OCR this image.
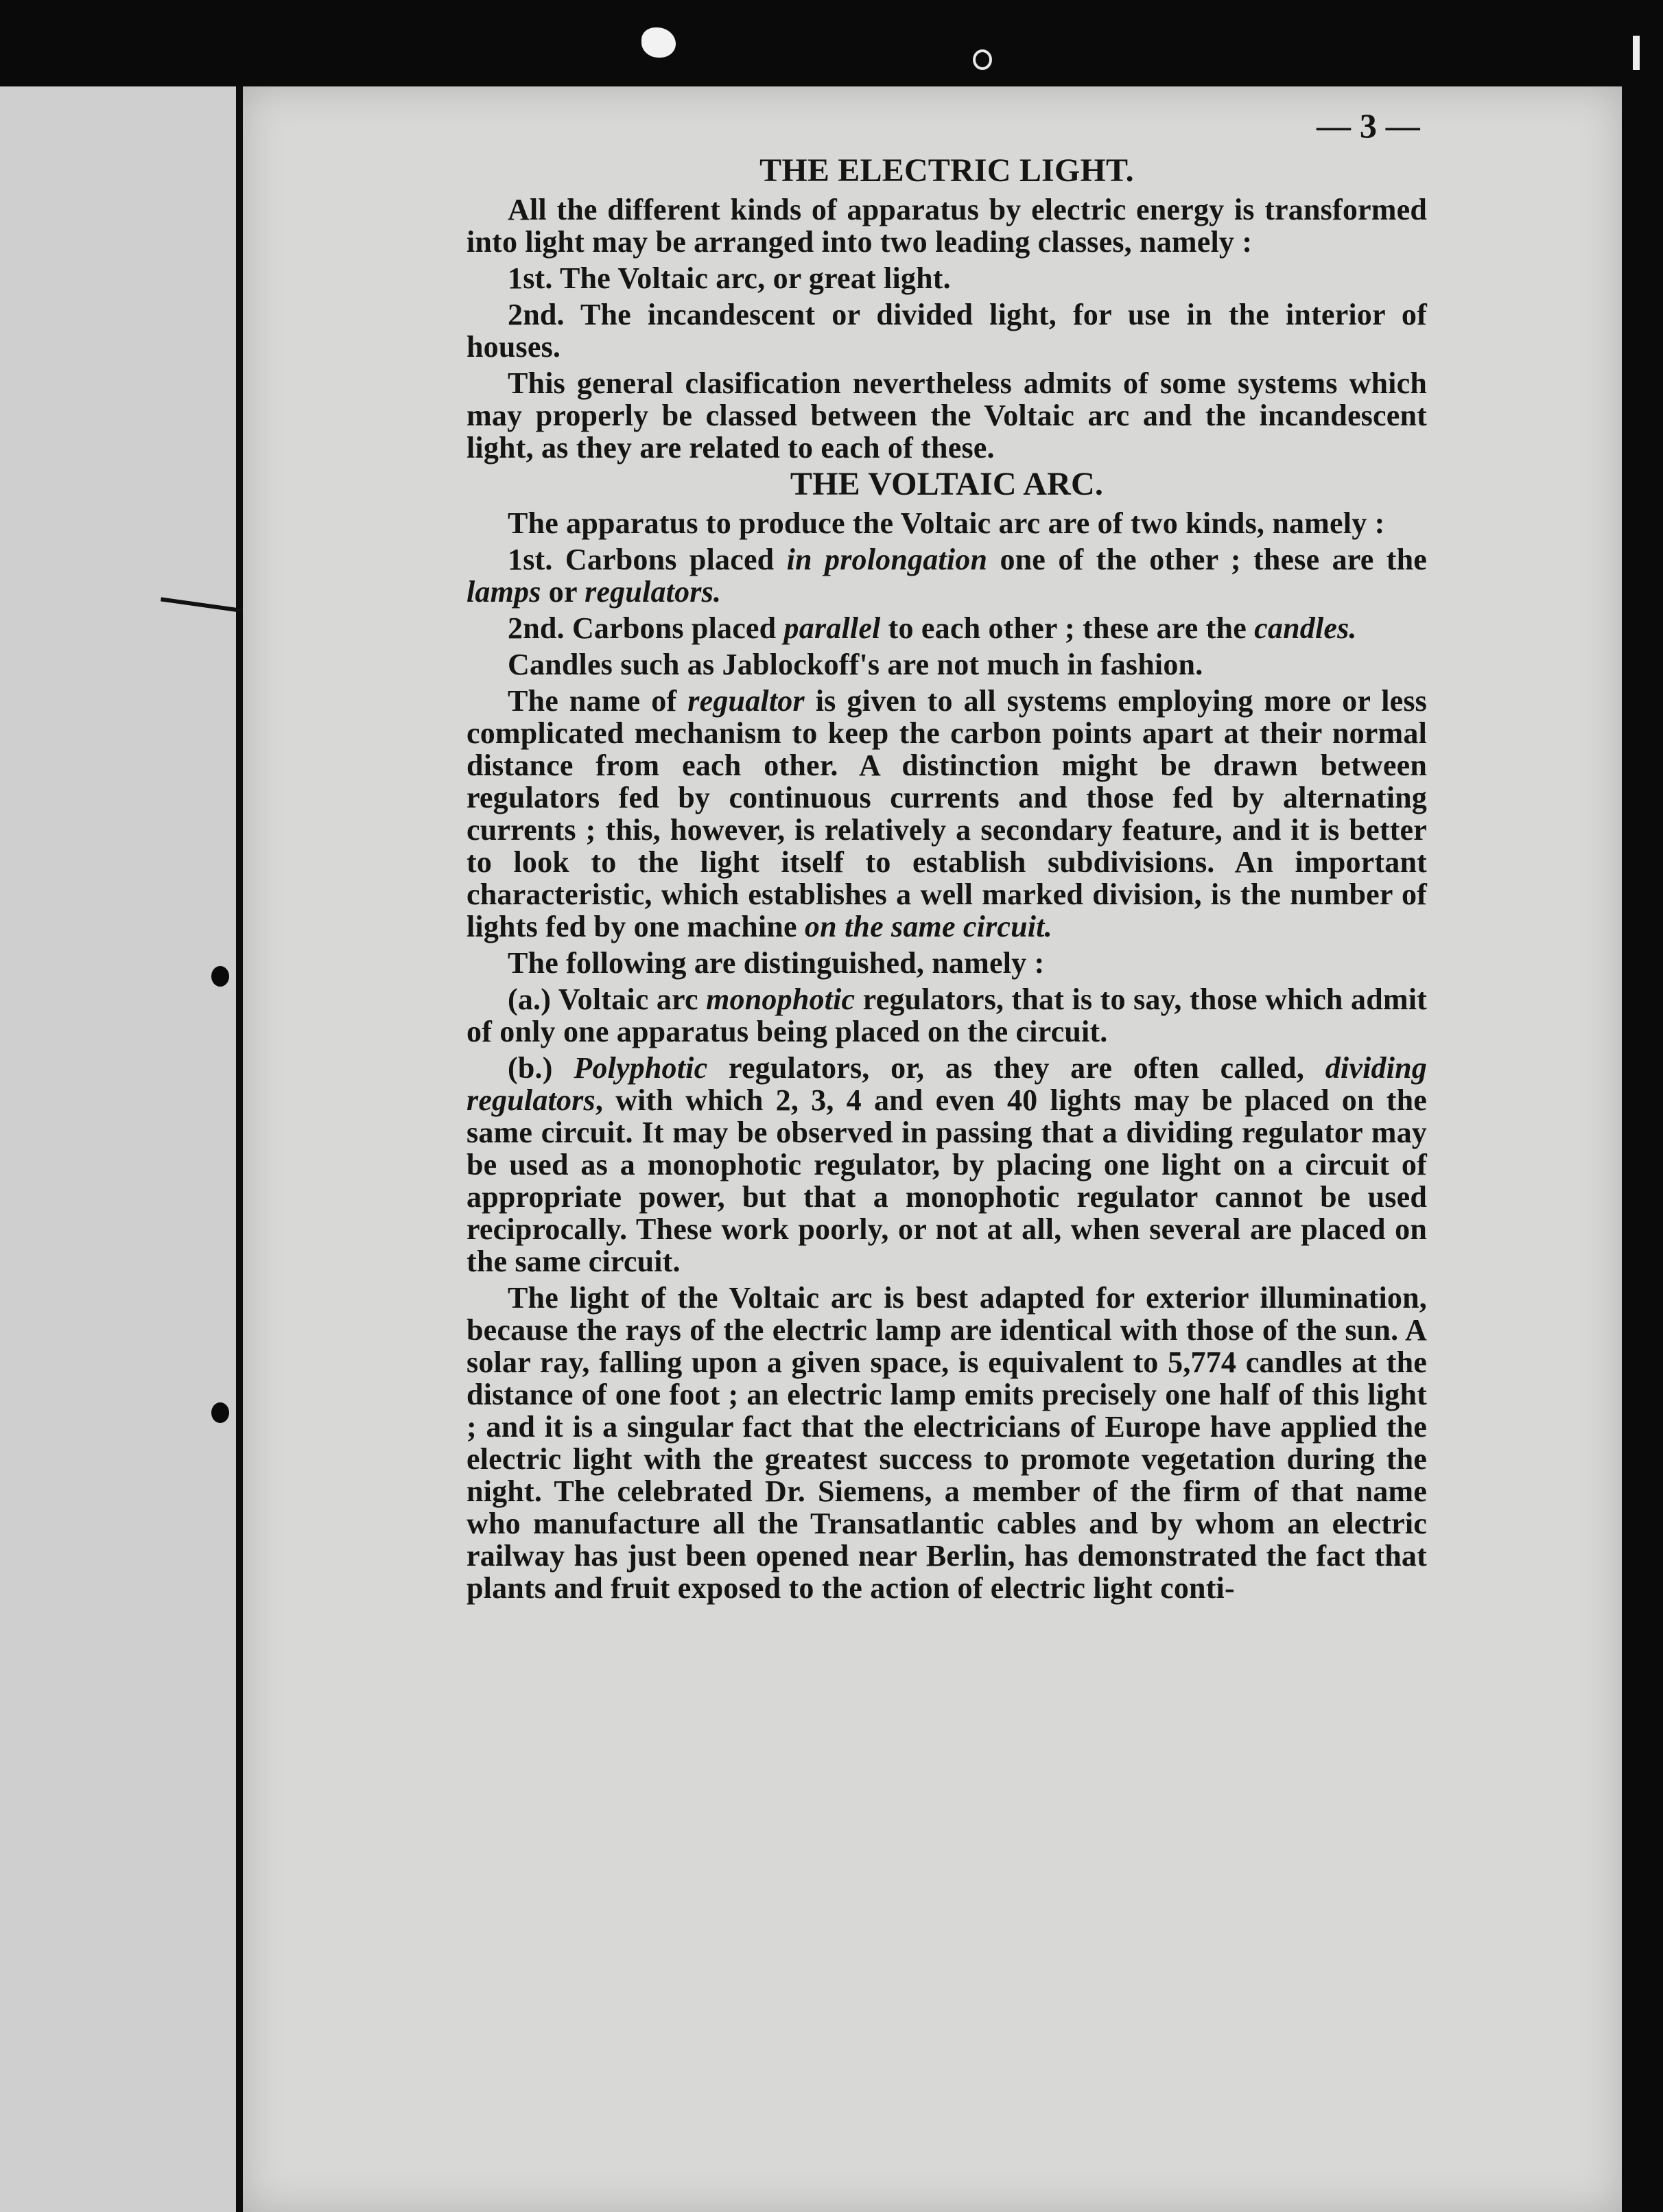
— 3 —
THE ELECTRIC LIGHT.
All the different kinds of apparatus by electric energy is transformed into light may be arranged into two leading classes, namely :
1st. The Voltaic arc, or great light.
2nd. The incandescent or divided light, for use in the interior of houses.
This general clasification nevertheless admits of some systems which may properly be classed between the Voltaic arc and the incandescent light, as they are related to each of these.
THE VOLTAIC ARC.
The apparatus to produce the Voltaic arc are of two kinds, namely :
1st. Carbons placed in prolongation one of the other ; these are the lamps or regulators.
2nd. Carbons placed parallel to each other ; these are the candles.
Candles such as Jablockoff's are not much in fashion.
The name of regualtor is given to all systems employing more or less complicated mechanism to keep the carbon points apart at their normal distance from each other. A distinction might be drawn between regulators fed by continuous currents and those fed by alternating currents ; this, however, is relatively a secondary feature, and it is better to look to the light itself to establish subdivisions. An important characteristic, which establishes a well marked division, is the number of lights fed by one machine on the same circuit.
The following are distinguished, namely :
(a.) Voltaic arc monophotic regulators, that is to say, those which admit of only one apparatus being placed on the circuit.
(b.) Polyphotic regulators, or, as they are often called, dividing regulators, with which 2, 3, 4 and even 40 lights may be placed on the same circuit. It may be observed in passing that a dividing regulator may be used as a monophotic regulator, by placing one light on a circuit of appropriate power, but that a monophotic regulator cannot be used reciprocally. These work poorly, or not at all, when several are placed on the same circuit.
The light of the Voltaic arc is best adapted for exterior illumination, because the rays of the electric lamp are identical with those of the sun. A solar ray, falling upon a given space, is equivalent to 5,774 candles at the distance of one foot ; an electric lamp emits precisely one half of this light ; and it is a singular fact that the electricians of Europe have applied the electric light with the greatest success to promote vegetation during the night. The celebrated Dr. Siemens, a member of the firm of that name who manufacture all the Transatlantic cables and by whom an electric railway has just been opened near Berlin, has demonstrated the fact that plants and fruit exposed to the action of electric light conti-
